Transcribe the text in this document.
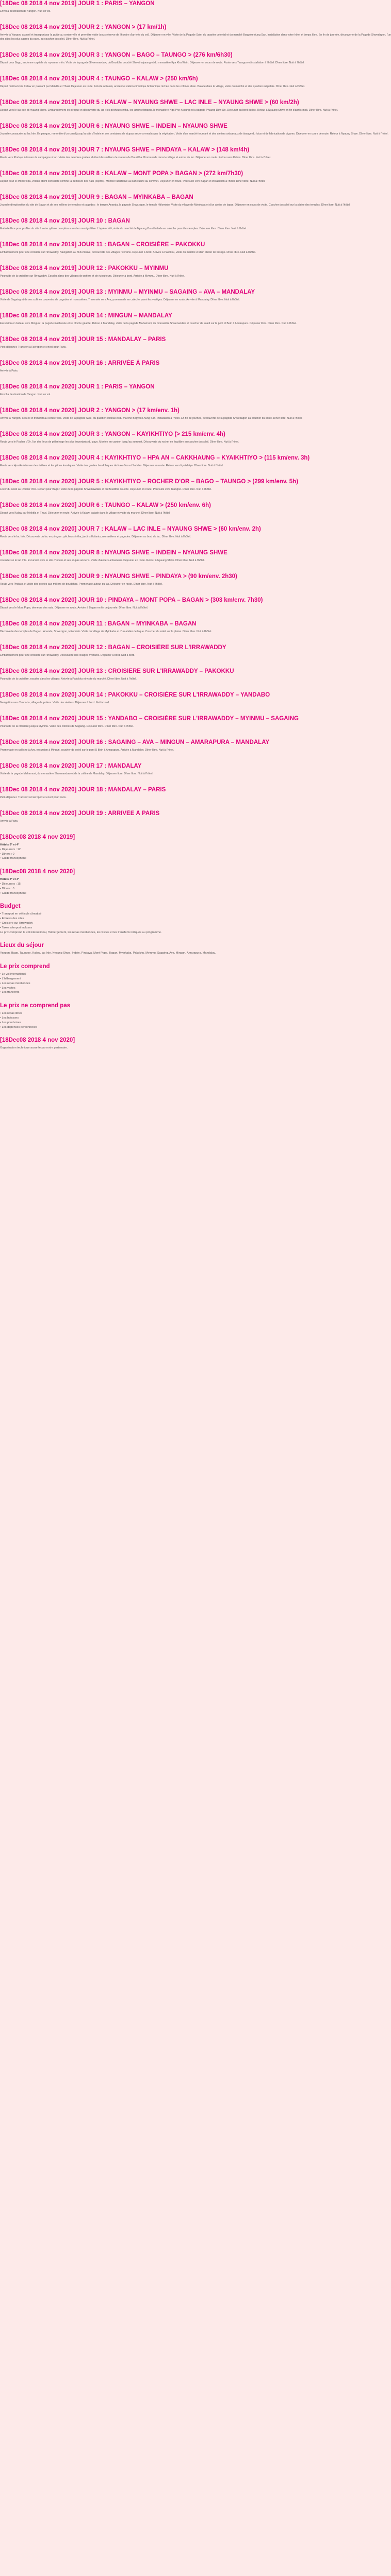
[18Dec 08 2018 4 nov 2019] JOUR 1 : PARIS – YANGON

Envol à destination de Yangon. Nuit en vol.

[18Dec 08 2018 4 nov 2019] JOUR 2 : YANGON > (17 km/1h)

Arrivée à Yangon, accueil et transport par la guide au centre-ville et première visite (sous réserve de l'horaire d'arrivée du vol). Déjeuner en ville. Visite de la Pagode Sule, du quartier colonial et du marché Bogyoke Aung San. Installation dans votre hôtel et temps libre. En fin de journée, découverte de la Pagode Shwedagon, l'un des sites les plus sacrés du pays, au coucher du soleil. Dîner libre. Nuit à l'hôtel.

[18Dec 08 2018 4 nov 2019] JOUR 3 : YANGON – BAGO – TAUNGO > (276 km/6h30)

Départ pour Bago, ancienne capitale du royaume môn. Visite de la pagode Shwemawdaw, du Bouddha couché Shwethalyaung et du monastère Kya Kha Wain. Déjeuner en cours de route. Route vers Taungoo et installation à l'hôtel. Dîner libre. Nuit à l'hôtel.

[18Dec 08 2018 4 nov 2019] JOUR 4 : TAUNGO – KALAW > (250 km/6h)

Départ matinal vers Kalaw en passant par Meiktila et Thazi. Déjeuner en route. Arrivée à Kalaw, ancienne station climatique britannique nichée dans les collines shan. Balade dans le village, visite du marché et des quartiers népalais. Dîner libre. Nuit à l'hôtel.

[18Dec 08 2018 4 nov 2019] JOUR 5 : KALAW – NYAUNG SHWE – LAC INLE – NYAUNG SHWE > (60 km/2h)

Départ vers le lac Inle et Nyaung Shwe. Embarquement en pirogue et découverte du lac : les pêcheurs intha, les jardins flottants, le monastère Nga Phe Kyaung et la pagode Phaung Daw Oo. Déjeuner au bord du lac. Retour à Nyaung Shwe en fin d'après-midi. Dîner libre. Nuit à l'hôtel.

[18Dec 08 2018 4 nov 2019] JOUR 6 : NYAUNG SHWE – INDEIN – NYAUNG SHWE

Journée consacrée au lac Inle. En pirogue, remontée d'un canal jusqu'au site d'Indein et ses centaines de stupas anciens envahis par la végétation. Visite d'un marché tournant et des ateliers artisanaux de tissage du lotus et de fabrication de cigares. Déjeuner en cours de route. Retour à Nyaung Shwe. Dîner libre. Nuit à l'hôtel.

[18Dec 08 2018 4 nov 2019] JOUR 7 : NYAUNG SHWE – PINDAYA – KALAW > (148 km/4h)

Route vers Pindaya à travers la campagne shan. Visite des célèbres grottes abritant des milliers de statues de Bouddha. Promenade dans le village et autour du lac. Déjeuner en route. Retour vers Kalaw. Dîner libre. Nuit à l'hôtel.

[18Dec 08 2018 4 nov 2019] JOUR 8 : KALAW – MONT POPA > BAGAN > (272 km/7h30)

Départ pour le Mont Popa, volcan éteint considéré comme la demeure des nats (esprits). Montée facultative au sanctuaire au sommet. Déjeuner en route. Poursuite vers Bagan et installation à l'hôtel. Dîner libre. Nuit à l'hôtel.

[18Dec 08 2018 4 nov 2019] JOUR 9 : BAGAN – MYINKABA – BAGAN

Journée d'exploration du site de Bagan et de ses milliers de temples et pagodes : le temple Ananda, la pagode Shwezigon, le temple Htilominlo. Visite du village de Myinkaba et d'un atelier de laque. Déjeuner en cours de visite. Coucher du soleil sur la plaine des temples. Dîner libre. Nuit à l'hôtel.

[18Dec 08 2018 4 nov 2019] JOUR 10 : BAGAN

Matinée libre pour profiter du site à votre rythme ou option survol en montgolfière. L'après-midi, visite du marché de Nyaung Oo et balade en calèche parmi les temples. Déjeuner libre. Dîner libre. Nuit à l'hôtel.

[18Dec 08 2018 4 nov 2019] JOUR 11 : BAGAN – CROISIÈRE – PAKOKKU

Embarquement pour une croisière sur l'Irrawaddy. Navigation au fil du fleuve, découverte des villages riverains. Déjeuner à bord. Arrivée à Pakokku, visite du marché et d'un atelier de tissage. Dîner libre. Nuit à l'hôtel.

[18Dec 08 2018 4 nov 2019] JOUR 12 : PAKOKKU – MYINMU

Poursuite de la croisière sur l'Irrawaddy. Escales dans des villages de potiers et de riziculteurs. Déjeuner à bord. Arrivée à Myinmu. Dîner libre. Nuit à l'hôtel.

[18Dec 08 2018 4 nov 2019] JOUR 13 : MYINMU – MYINMU – SAGAING – AVA – MANDALAY

Visite de Sagaing et de ses collines couvertes de pagodes et monastères. Traversée vers Ava, promenade en calèche parmi les vestiges. Déjeuner en route. Arrivée à Mandalay. Dîner libre. Nuit à l'hôtel.

[18Dec 08 2018 4 nov 2019] JOUR 14 : MINGUN – MANDALAY

Excursion en bateau vers Mingun : la pagode inachevée et sa cloche géante. Retour à Mandalay, visite de la pagode Mahamuni, du monastère Shwenandaw et coucher de soleil sur le pont U Bein à Amarapura. Déjeuner libre. Dîner libre. Nuit à l'hôtel.

[18Dec 08 2018 4 nov 2019] JOUR 15 : MANDALAY – PARIS

Petit-déjeuner. Transfert à l'aéroport et envol pour Paris.

[18Dec 08 2018 4 nov 2019] JOUR 16 : ARRIVÉE À PARIS

Arrivée à Paris.

[18Dec 08 2018 4 nov 2020] JOUR 1 : PARIS – YANGON

Envol à destination de Yangon. Nuit en vol.

[18Dec 08 2018 4 nov 2020] JOUR 2 : YANGON > (17 km/env. 1h)

Arrivée à Yangon, accueil et transfert au centre-ville. Visite de la pagode Sule, du quartier colonial et du marché Bogyoke Aung San. Installation à l'hôtel. En fin de journée, découverte de la pagode Shwedagon au coucher du soleil. Dîner libre. Nuit à l'hôtel.

[18Dec 08 2018 4 nov 2020] JOUR 3 : YANGON – KAYIKHTIYO (> 215 km/env. 4h)

Route vers le Rocher d'Or, l'un des lieux de pèlerinage les plus importants du pays. Montée en camion jusqu'au sommet. Découverte du rocher en équilibre au coucher du soleil. Dîner libre. Nuit à l'hôtel.

[18Dec 08 2018 4 nov 2020] JOUR 4 : KAYIKHTIYO – HPA AN – CAKKHAUNG – KYAIKHTIYO > (115 km/env. 3h)

Route vers Hpa An à travers les rizières et les pitons karstiques. Visite des grottes bouddhiques de Kaw Gon et Saddan. Déjeuner en route. Retour vers Kyaikhtiyo. Dîner libre. Nuit à l'hôtel.

[18Dec 08 2018 4 nov 2020] JOUR 5 : KAYIKHTIYO – ROCHER D'OR – BAGO – TAUNGO > (299 km/env. 5h)

Lever du soleil au Rocher d'Or. Départ pour Bago : visite de la pagode Shwemawdaw et du Bouddha couché. Déjeuner en route. Poursuite vers Taungoo. Dîner libre. Nuit à l'hôtel.

[18Dec 08 2018 4 nov 2020] JOUR 6 : TAUNGO – KALAW > (250 km/env. 6h)

Départ vers Kalaw par Meiktila et Thazi. Déjeuner en route. Arrivée à Kalaw, balade dans le village et visite du marché. Dîner libre. Nuit à l'hôtel.

[18Dec 08 2018 4 nov 2020] JOUR 7 : KALAW – LAC INLE – NYAUNG SHWE > (60 km/env. 2h)

Route vers le lac Inle. Découverte du lac en pirogue : pêcheurs intha, jardins flottants, monastères et pagodes. Déjeuner au bord du lac. Dîner libre. Nuit à l'hôtel.

[18Dec 08 2018 4 nov 2020] JOUR 8 : NYAUNG SHWE – INDEIN – NYAUNG SHWE

Journée sur le lac Inle. Excursion vers le site d'Indein et ses stupas anciens. Visite d'ateliers artisanaux. Déjeuner en route. Retour à Nyaung Shwe. Dîner libre. Nuit à l'hôtel.

[18Dec 08 2018 4 nov 2020] JOUR 9 : NYAUNG SHWE – PINDAYA > (90 km/env. 2h30)

Route vers Pindaya et visite des grottes aux milliers de bouddhas. Promenade autour du lac. Déjeuner en route. Dîner libre. Nuit à l'hôtel.

[18Dec 08 2018 4 nov 2020] JOUR 10 : PINDAYA – MONT POPA – BAGAN > (303 km/env. 7h30)

Départ vers le Mont Popa, demeure des nats. Déjeuner en route. Arrivée à Bagan en fin de journée. Dîner libre. Nuit à l'hôtel.

[18Dec 08 2018 4 nov 2020] JOUR 11 : BAGAN – MYINKABA – BAGAN

Découverte des temples de Bagan : Ananda, Shwezigon, Htilominlo. Visite du village de Myinkaba et d'un atelier de laque. Coucher du soleil sur la plaine. Dîner libre. Nuit à l'hôtel.

[18Dec 08 2018 4 nov 2020] JOUR 12 : BAGAN – CROISIÈRE SUR L'IRRAWADDY

Embarquement pour une croisière sur l'Irrawaddy. Découverte des villages riverains. Déjeuner à bord. Nuit à bord.

[18Dec 08 2018 4 nov 2020] JOUR 13 : CROISIÈRE SUR L'IRRAWADDY – PAKOKKU

Poursuite de la croisière, escales dans les villages. Arrivée à Pakokku et visite du marché. Dîner libre. Nuit à l'hôtel.

[18Dec 08 2018 4 nov 2020] JOUR 14 : PAKOKKU – CROISIÈRE SUR L'IRRAWADDY – YANDABO

Navigation vers Yandabo, village de potiers. Visite des ateliers. Déjeuner à bord. Nuit à bord.

[18Dec 08 2018 4 nov 2020] JOUR 15 : YANDABO – CROISIÈRE SUR L'IRRAWADDY – MYINMU – SAGAING

Poursuite de la croisière jusqu'à Myinmu. Visite des collines de Sagaing. Déjeuner libre. Dîner libre. Nuit à l'hôtel.

[18Dec 08 2018 4 nov 2020] JOUR 16 : SAGAING – AVA – MINGUN – AMARAPURA – MANDALAY

Promenade en calèche à Ava, excursion à Mingun, coucher de soleil sur le pont U Bein à Amarapura. Arrivée à Mandalay. Dîner libre. Nuit à l'hôtel.

[18Dec 08 2018 4 nov 2020] JOUR 17 : MANDALAY

Visite de la pagode Mahamuni, du monastère Shwenandaw et de la colline de Mandalay. Déjeuner libre. Dîner libre. Nuit à l'hôtel.

[18Dec 08 2018 4 nov 2020] JOUR 18 : MANDALAY – PARIS

Petit-déjeuner. Transfert à l'aéroport et envol pour Paris.

[18Dec 08 2018 4 nov 2020] JOUR 19 : ARRIVÉE À PARIS

Arrivée à Paris.

[18Dec08 2018 4 nov 2019]

Hôtels 3* et 4*

• Déjeuners : 12

• Dîners : 0

• Guide francophone

[18Dec08 2018 4 nov 2020]

Hôtels 3* et 4*

• Déjeuners : 15

• Dîners : 0

• Guide francophone

Budget

• Transport en véhicule climatisé

• Entrées des sites

• Croisière sur l'Irrawaddy

• Taxes aéroport incluses

Le prix comprend le vol international, l'hébergement, les repas mentionnés, les visites et les transferts indiqués au programme.

Lieux du séjour

Yangon, Bago, Taungoo, Kalaw, lac Inle, Nyaung Shwe, Indein, Pindaya, Mont Popa, Bagan, Myinkaba, Pakokku, Myinmu, Sagaing, Ava, Mingun, Amarapura, Mandalay.

Le prix comprend

• Le vol international

• L'hébergement

• Les repas mentionnés

• Les visites

• Les transferts

Le prix ne comprend pas

• Les repas libres

• Les boissons

• Les pourboires

• Les dépenses personnelles

[18Dec08 2018 4 nov 2020]

Organisation technique assurée par notre partenaire.
